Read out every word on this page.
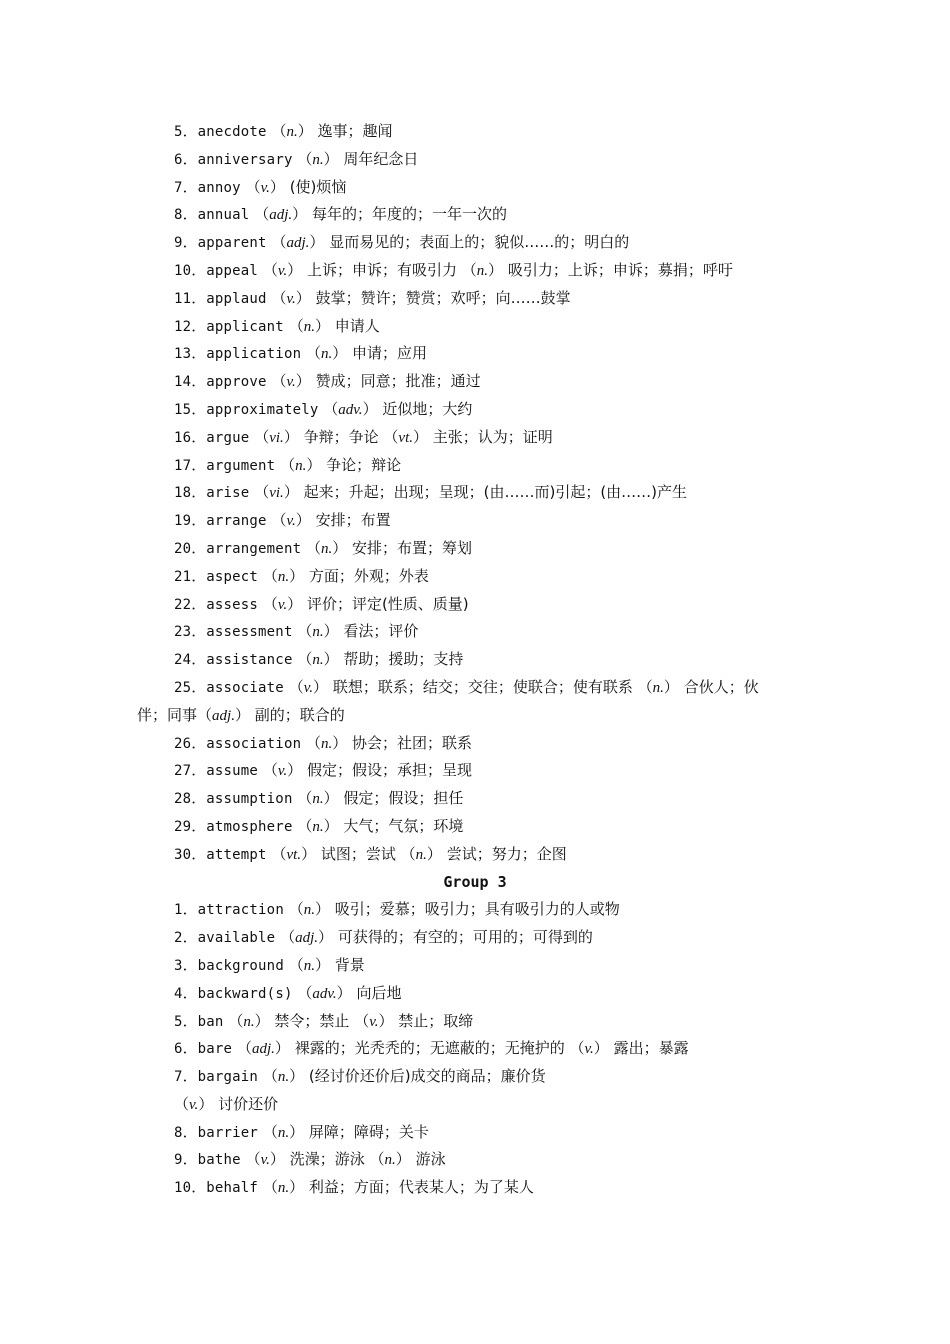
5．anecdote （n.） 逸事；趣闻
6．anniversary （n.） 周年纪念日
7．annoy （v.） (使)烦恼
8．annual （adj.） 每年的；年度的；一年一次的
9．apparent （adj.） 显而易见的；表面上的；貌似……的；明白的
10．appeal （v.） 上诉；申诉；有吸引力 （n.） 吸引力；上诉；申诉；募捐；呼吁
11．applaud （v.） 鼓掌；赞许；赞赏；欢呼；向……鼓掌
12．applicant （n.） 申请人
13．application （n.） 申请；应用
14．approve （v.） 赞成；同意；批准；通过
15．approximately （adv.） 近似地；大约
16．argue （vi.） 争辩；争论 （vt.） 主张；认为；证明
17．argument （n.） 争论；辩论
18．arise （vi.） 起来；升起；出现；呈现；(由……而)引起；(由……)产生
19．arrange （v.） 安排；布置
20．arrangement （n.） 安排；布置；筹划
21．aspect （n.） 方面；外观；外表
22．assess （v.） 评价；评定(性质、质量)
23．assessment （n.） 看法；评价
24．assistance （n.） 帮助；援助；支持
25．associate （v.） 联想；联系；结交；交往；使联合；使有联系 （n.） 合伙人；伙
伴；同事（adj.） 副的；联合的
26．association （n.） 协会；社团；联系
27．assume （v.） 假定；假设；承担；呈现
28．assumption （n.） 假定；假设；担任
29．atmosphere （n.） 大气；气氛；环境
30．attempt （vt.） 试图；尝试 （n.） 尝试；努力；企图
Group 3
1．attraction （n.） 吸引；爱慕；吸引力；具有吸引力的人或物
2．available （adj.） 可获得的；有空的；可用的；可得到的
3．background （n.） 背景
4．backward(s) （adv.） 向后地
5．ban （n.） 禁令；禁止 （v.） 禁止；取缔
6．bare （adj.） 裸露的；光秃秃的；无遮蔽的；无掩护的 （v.） 露出；暴露
7．bargain （n.） (经讨价还价后)成交的商品；廉价货
（v.） 讨价还价
8．barrier （n.） 屏障；障碍；关卡
9．bathe （v.） 洗澡；游泳 （n.） 游泳
10．behalf （n.） 利益；方面；代表某人；为了某人
